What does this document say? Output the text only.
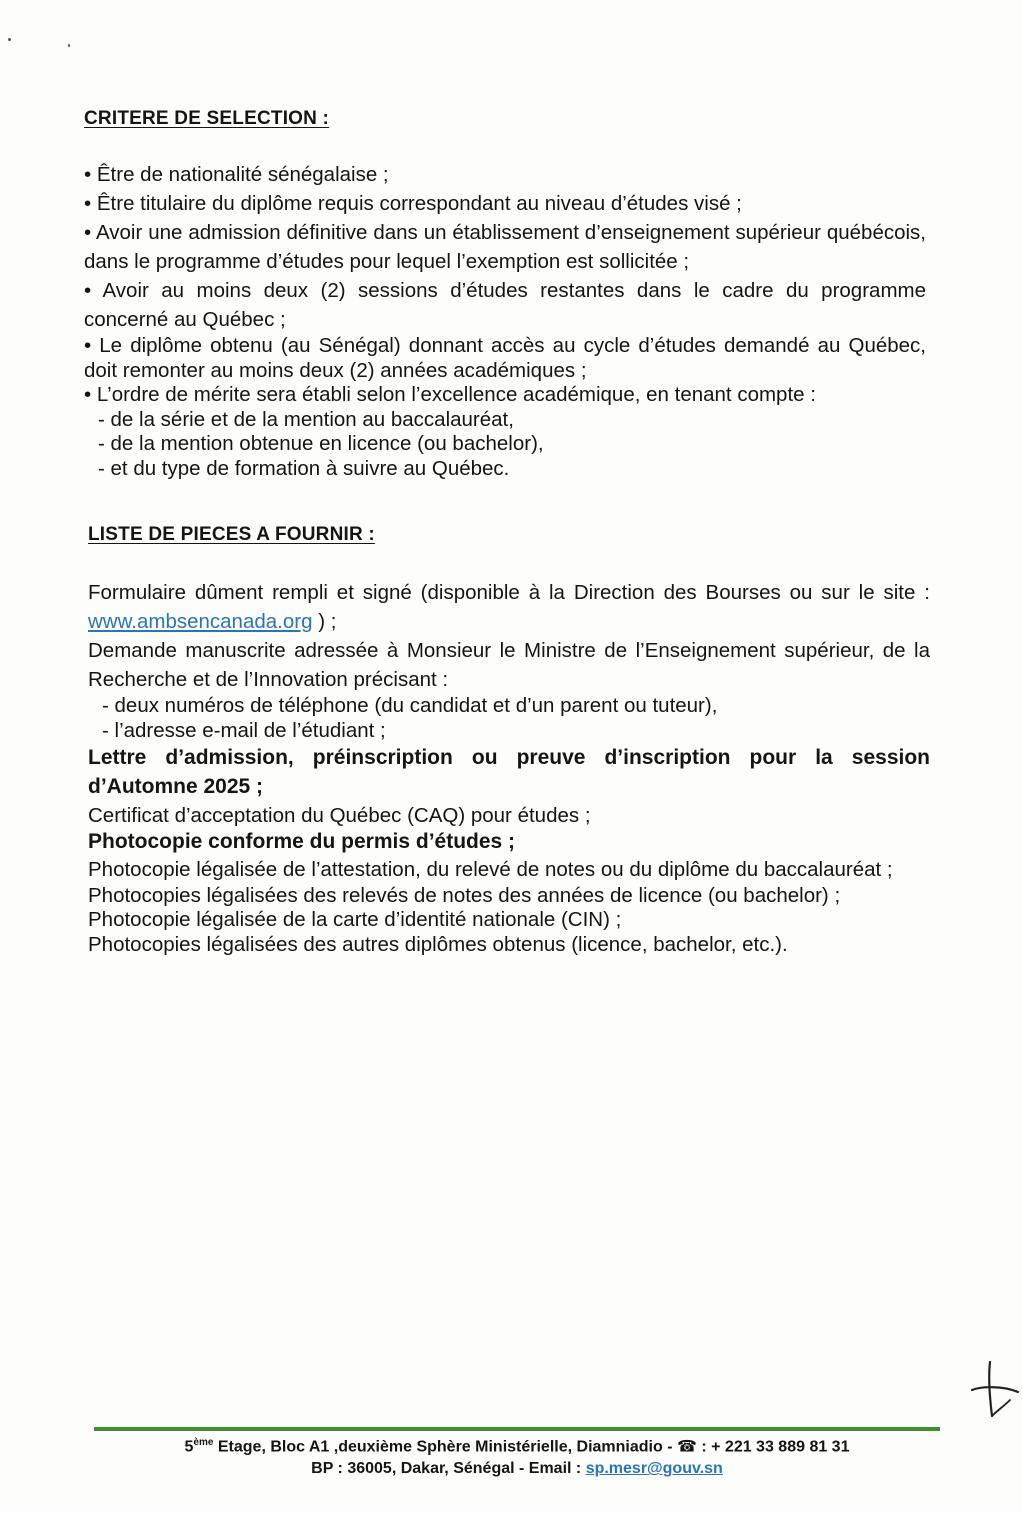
CRITERE DE SELECTION :

• Être de nationalité sénégalaise ;

• Être titulaire du diplôme requis correspondant au niveau d’études visé ;

• Avoir une admission définitive dans un établissement d’enseignement supérieur québécois, dans le programme d’études pour lequel l’exemption est sollicitée ;

• Avoir au moins deux (2) sessions d’études restantes dans le cadre du programme concerné au Québec ;

• Le diplôme obtenu (au Sénégal) donnant accès au cycle d’études demandé au Québec, doit remonter au moins deux (2) années académiques ;

• L’ordre de mérite sera établi selon l’excellence académique, en tenant compte :

- de la série et de la mention au baccalauréat,

- de la mention obtenue en licence (ou bachelor),

- et du type de formation à suivre au Québec.

LISTE DE PIECES A FOURNIR :

Formulaire dûment rempli et signé (disponible à la Direction des Bourses ou sur le site : www.ambsencanada.org ) ;

Demande manuscrite adressée à Monsieur le Ministre de l’Enseignement supérieur, de la Recherche et de l’Innovation précisant :

- deux numéros de téléphone (du candidat et d’un parent ou tuteur),

- l’adresse e-mail de l’étudiant ;

Lettre d’admission, préinscription ou preuve d’inscription pour la session d’Automne 2025 ;

Certificat d’acceptation du Québec (CAQ) pour études ;

Photocopie conforme du permis d’études ;

Photocopie légalisée de l’attestation, du relevé de notes ou du diplôme du baccalauréat ;

Photocopies légalisées des relevés de notes des années de licence (ou bachelor) ;

Photocopie légalisée de la carte d’identité nationale (CIN) ;

Photocopies légalisées des autres diplômes obtenus (licence, bachelor, etc.).

5ème Etage, Bloc A1 ,deuxième Sphère Ministérielle, Diamniadio - ☎ : + 221 33 889 81 31
BP : 36005, Dakar, Sénégal - Email : sp.mesr@gouv.sn
